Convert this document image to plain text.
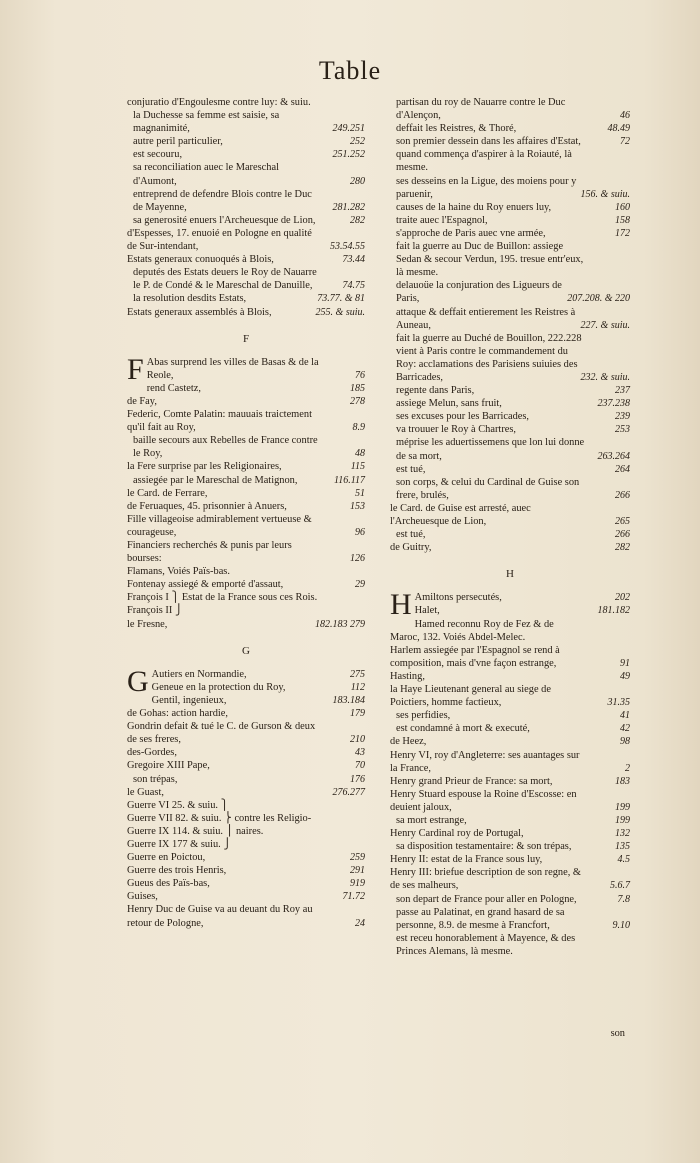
Table
conjuratio d'Engoulesme contre luy: & suiu.
la Duchesse sa femme est saisie, sa magnanimité,	249.251
autre peril particulier,	252
est secouru,	251.252
sa reconciliation auec le Mareschal d'Aumont,	280
entreprend de defendre Blois contre le Duc de Mayenne,	281.282
sa generosité enuers l'Archeuesque de Lion,	282
d'Espesses, 17. enuoié en Pologne en qualité de Sur-intendant,	53.54.55
Estats generaux conuoqués à Blois,	73.44
deputés des Estats deuers le Roy de Nauarre le P. de Condé & le Mareschal de Danuille,	74.75
la resolution desdits Estats,	73.77. & 81
Estats generaux assemblés à Blois,	255. & suiu.
F
F Abas surprend les villes de Basas & de la Reole,	76
rend Castetz,	185
de Fay,	278
Federic, Comte Palatin: mauuais traictement qu'il fait au Roy,	8.9
baille secours aux Rebelles de France contre le Roy,	48
la Fere surprise par les Religionaires,	115
assiegée par le Mareschal de Matignon,	116.117
le Card. de Ferrare,	51
de Feruaques, 45. prisonnier à Anuers,	153
Fille villageoise admirablement vertueuse & courageuse,	96
Financiers recherchés & punis par leurs bourses:	126
Flamans, Voiés Païs-bas.
Fontenay assiegé & emporté d'assaut,	29
François I ⎫ Estat de la France sous ces Rois.
François II ⎭
le Fresne,	182.183 279
G
G Autiers en Normandie,	275
Geneue en la protection du Roy,	112
Gentil, ingenieux,	183.184
de Gohas: action hardie,	179
Gondrin defait & tué le C. de Gurson & deux de ses freres,	210
des-Gordes,	43
Gregoire XIII Pape,	70
son trépas,	176
le Guast,	276.277
Guerre VI 25. & suiu. ⎫
Guerre VII 82. & suiu. ⎬ contre les Religio-
Guerre IX 114. & suiu. ⎪ naires.
Guerre IX 177 & suiu. ⎭
Guerre en Poictou,	259
Guerre des trois Henris,	291
Gueus des Païs-bas,	919
Guises,	71.72
Henry Duc de Guise va au deuant du Roy au retour de Pologne,	24
partisan du roy de Nauarre contre le Duc d'Alençon,	46
deffait les Reistres, & Thoré,	48.49
son premier dessein dans les affaires d'Estat,	72
quand commença d'aspirer à la Roiauté, là mesme.
ses desseins en la Ligue, des moiens pour y paruenir,	156. & suiu.
causes de la haine du Roy enuers luy,	160
traite auec l'Espagnol,	158
s'approche de Paris auec vne armée,	172
fait la guerre au Duc de Buillon: assiege Sedan & secour Verdun, 195. tresue entr'eux, là mesme.
delauoüe la conjuration des Ligueurs de Paris,	207.208. & 220
attaque & deffait entierement les Reistres à Auneau,	227. & suiu.
fait la guerre au Duché de Bouillon, 222.228
vient à Paris contre le commandement du Roy: acclamations des Parisiens suiuies des Barricades,	232. & suiu.
regente dans Paris,	237
assiege Melun, sans fruit,	237.238
ses excuses pour les Barricades,	239
va trouuer le Roy à Chartres,	253
méprise les aduertissemens que lon lui donne de sa mort,	263.264
est tué,	264
son corps, & celui du Cardinal de Guise son frere, brulés,	266
le Card. de Guise est arresté, auec l'Archeuesque de Lion,	265
est tué,	266
de Guitry,	282
H
H Amiltons persecutés,	202
Halet,	181.182
Hamed reconnu Roy de Fez & de Maroc, 132. Voiés Abdel-Melec.
Harlem assiegée par l'Espagnol se rend à composition, mais d'vne façon estrange,	91
Hasting,	49
la Haye Lieutenant general au siege de Poictiers, homme factieux,	31.35
ses perfidies,	41
est condamné à mort & executé,	42
de Heez,	98
Henry VI, roy d'Angleterre: ses auantages sur la France,	2
Henry grand Prieur de France: sa mort,	183
Henry Stuard espouse la Roine d'Escosse: en deuient jaloux,	199
sa mort estrange,	199
Henry Cardinal roy de Portugal,	132
sa disposition testamentaire: & son trépas,	135
Henry II: estat de la France sous luy,	4.5
Henry III: briefue description de son regne, & de ses malheurs,	5.6.7
son depart de France pour aller en Pologne,	7.8
passe au Palatinat, en grand hasard de sa personne, 8.9. de mesme à Francfort,	9.10
est receu honorablement à Mayence, & des Princes Alemans, là mesme.
son
